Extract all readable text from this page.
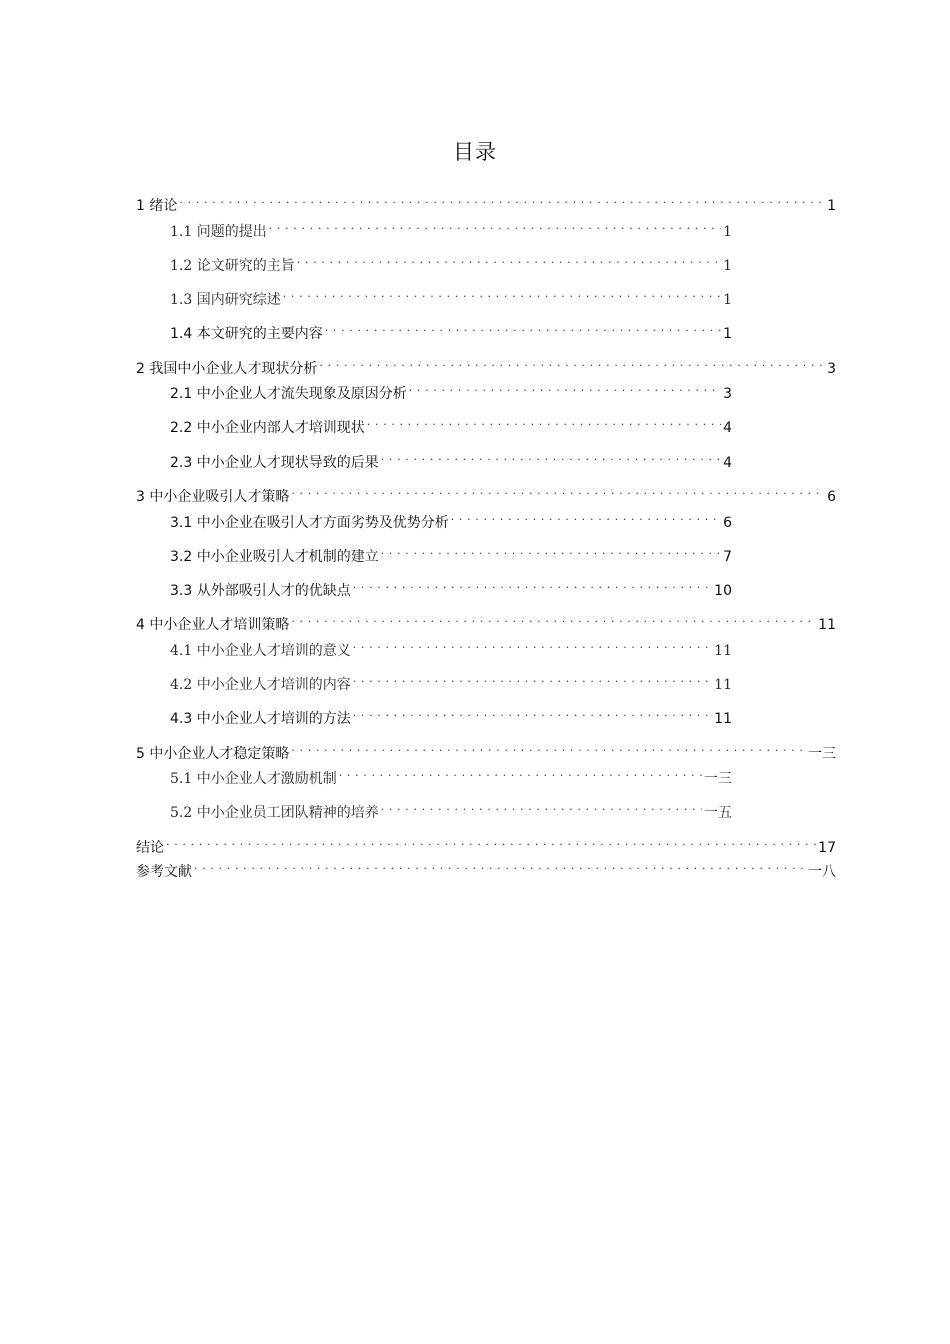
目录
1 绪论 . . .	1
1.1 问题的提出 . . .	1
1.2 论文研究的主旨 . . .	1
1.3 国内研究综述 . . .	1
1.4 本文研究的主要内容 . . .	1
2 我国中小企业人才现状分析 . . .	3
2.1 中小企业人才流失现象及原因分析 . . .	3
2.2 中小企业内部人才培训现状 . . .	4
2.3 中小企业人才现状导致的后果 . . .	4
3 中小企业吸引人才策略 . . .	6
3.1 中小企业在吸引人才方面劣势及优势分析 . . .	6
3.2 中小企业吸引人才机制的建立 . . .	7
3.3 从外部吸引人才的优缺点 . . .	10
4 中小企业人才培训策略 . . .	11
4.1 中小企业人才培训的意义 . . .	11
4.2 中小企业人才培训的内容 . . .	11
4.3 中小企业人才培训的方法 . . .	11
5 中小企业人才稳定策略 . . .	一三
5.1 中小企业人才激励机制 . . .	一三
5.2 中小企业员工团队精神的培养 . . .	一五
结论 . . .	17
参考文献 . . .	一八
